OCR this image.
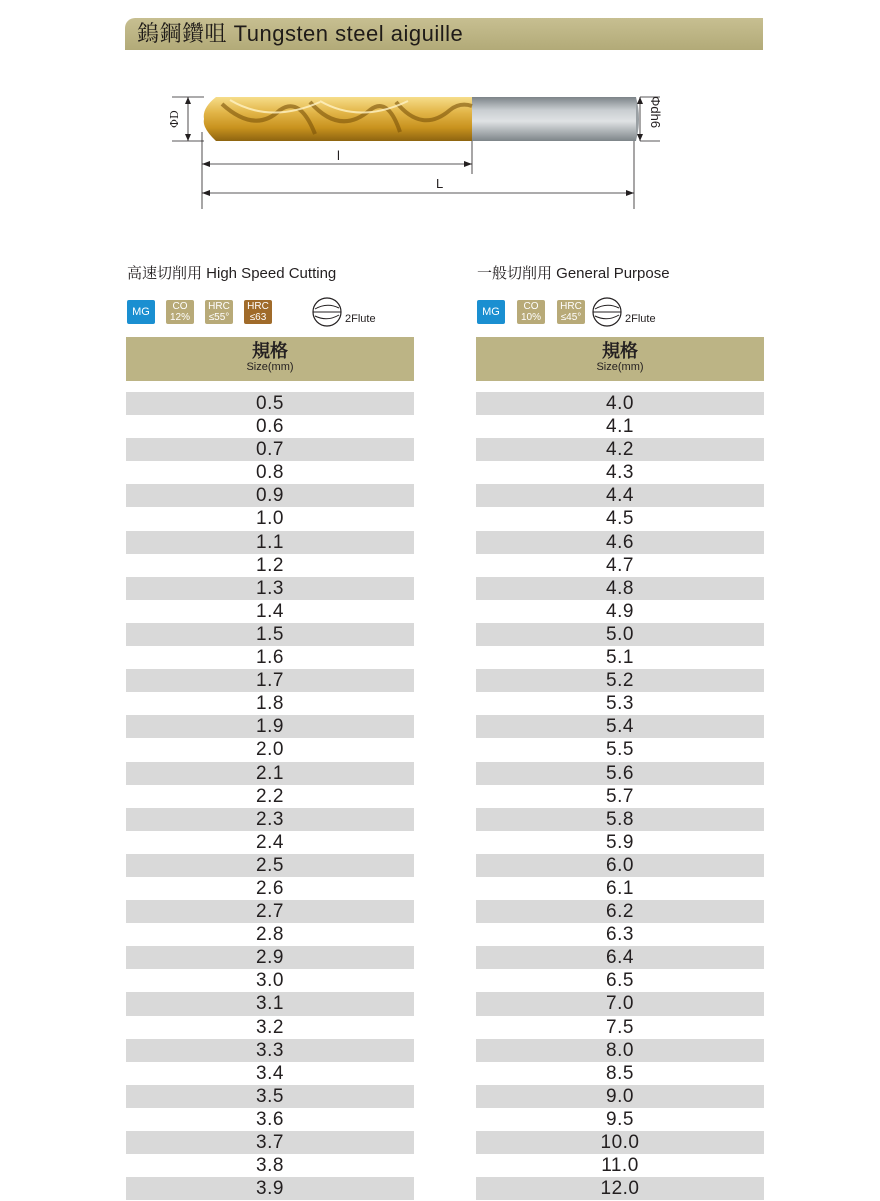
鎢鋼鑽咀 Tungsten steel aiguille
ΦD	Φdh6
l
L
高速切削用 High Speed Cutting
MG	CO
12%
HRC
≤55°
HRC
≤63	2Flute
規格
Size(mm)
0.5
0.6
0.7
0.8
0.9
1.0
1.1
1.2
1.3
1.4
1.5
1.6
1.7
1.8
1.9
2.0
2.1
2.2
2.3
2.4
2.5
2.6
2.7
2.8
2.9
3.0
3.1
3.2
3.3
3.4
3.5
3.6
3.7
3.8
3.9
一般切削用 General Purpose
MG	CO
10%
HRC
≤45°	2Flute
規格
Size(mm)
4.0
4.1
4.2
4.3
4.4
4.5
4.6
4.7
4.8
4.9
5.0
5.1
5.2
5.3
5.4
5.5
5.6
5.7
5.8
5.9
6.0
6.1
6.2
6.3
6.4
6.5
7.0
7.5
8.0
8.5
9.0
9.5
10.0
11.0
12.0
